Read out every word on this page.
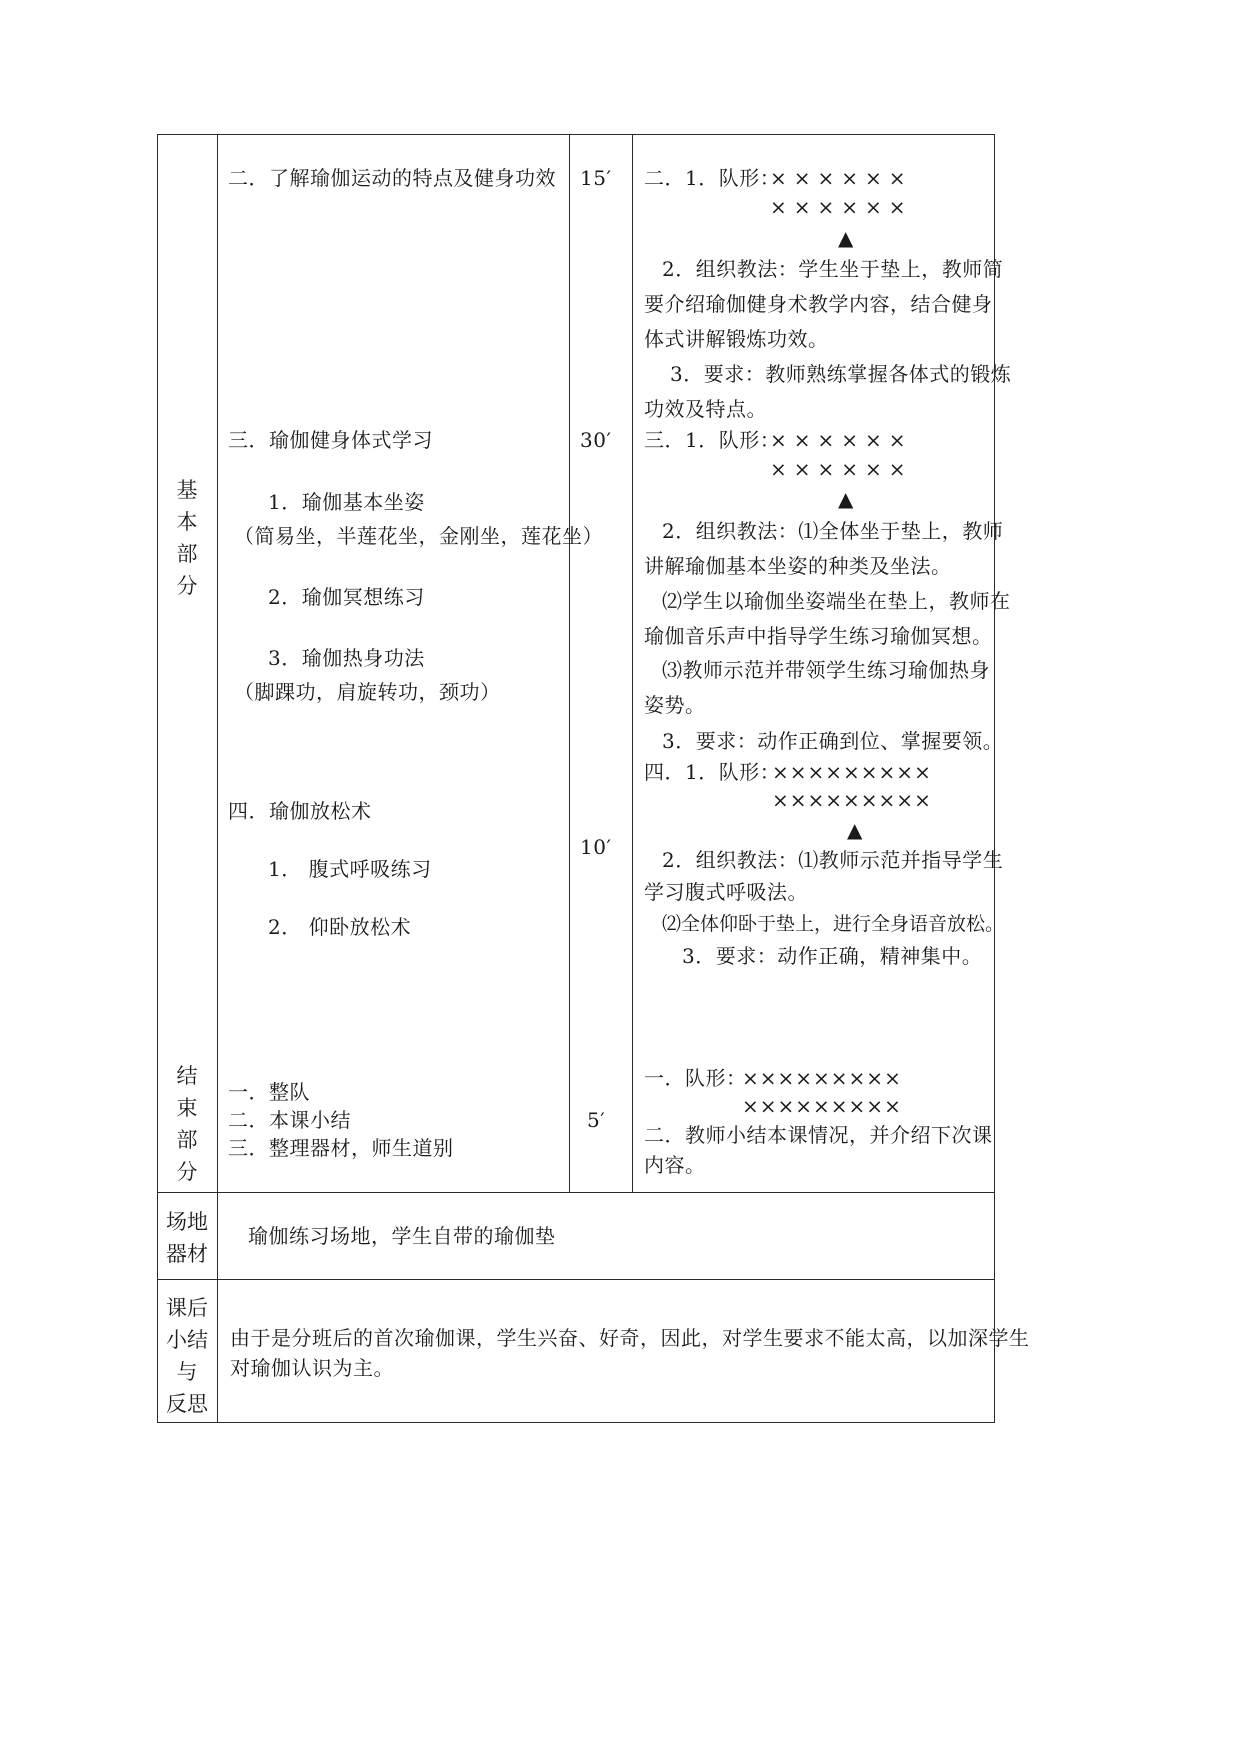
基
本
部
分
结
束
部
分
二．了解瑜伽运动的特点及健身功效
三．瑜伽健身体式学习
1．瑜伽基本坐姿
（简易坐，半莲花坐，金刚坐，莲花坐）
2．瑜伽冥想练习
3．瑜伽热身功法
（脚踝功，肩旋转功，颈功）
四．瑜伽放松术
1． 腹式呼吸练习
2． 仰卧放松术
一．整队
二．本课小结
三．整理器材，师生道别
15′
30′
10′
5′
二．1．队形：
××××××
××××××
▲
2．组织教法：学生坐于垫上，教师简
要介绍瑜伽健身术教学内容，结合健身
体式讲解锻炼功效。
3．要求：教师熟练掌握各体式的锻炼
功效及特点。
三．1．队形：
××××××
××××××
▲
2．组织教法：⑴全体坐于垫上，教师
讲解瑜伽基本坐姿的种类及坐法。
⑵学生以瑜伽坐姿端坐在垫上，教师在
瑜伽音乐声中指导学生练习瑜伽冥想。
⑶教师示范并带领学生练习瑜伽热身
姿势。
3．要求：动作正确到位、掌握要领。
四．1．队形：
×××××××××
×××××××××
▲
2．组织教法：⑴教师示范并指导学生
学习腹式呼吸法。
⑵全体仰卧于垫上，进行全身语音放松。
3．要求：动作正确，精神集中。
一．队形：
×××××××××
×××××××××
二．教师小结本课情况，并介绍下次课
内容。
场地
器材
瑜伽练习场地，学生自带的瑜伽垫
课后
小结
与
反思
由于是分班后的首次瑜伽课，学生兴奋、好奇，因此，对学生要求不能太高，以加深学生
对瑜伽认识为主。
